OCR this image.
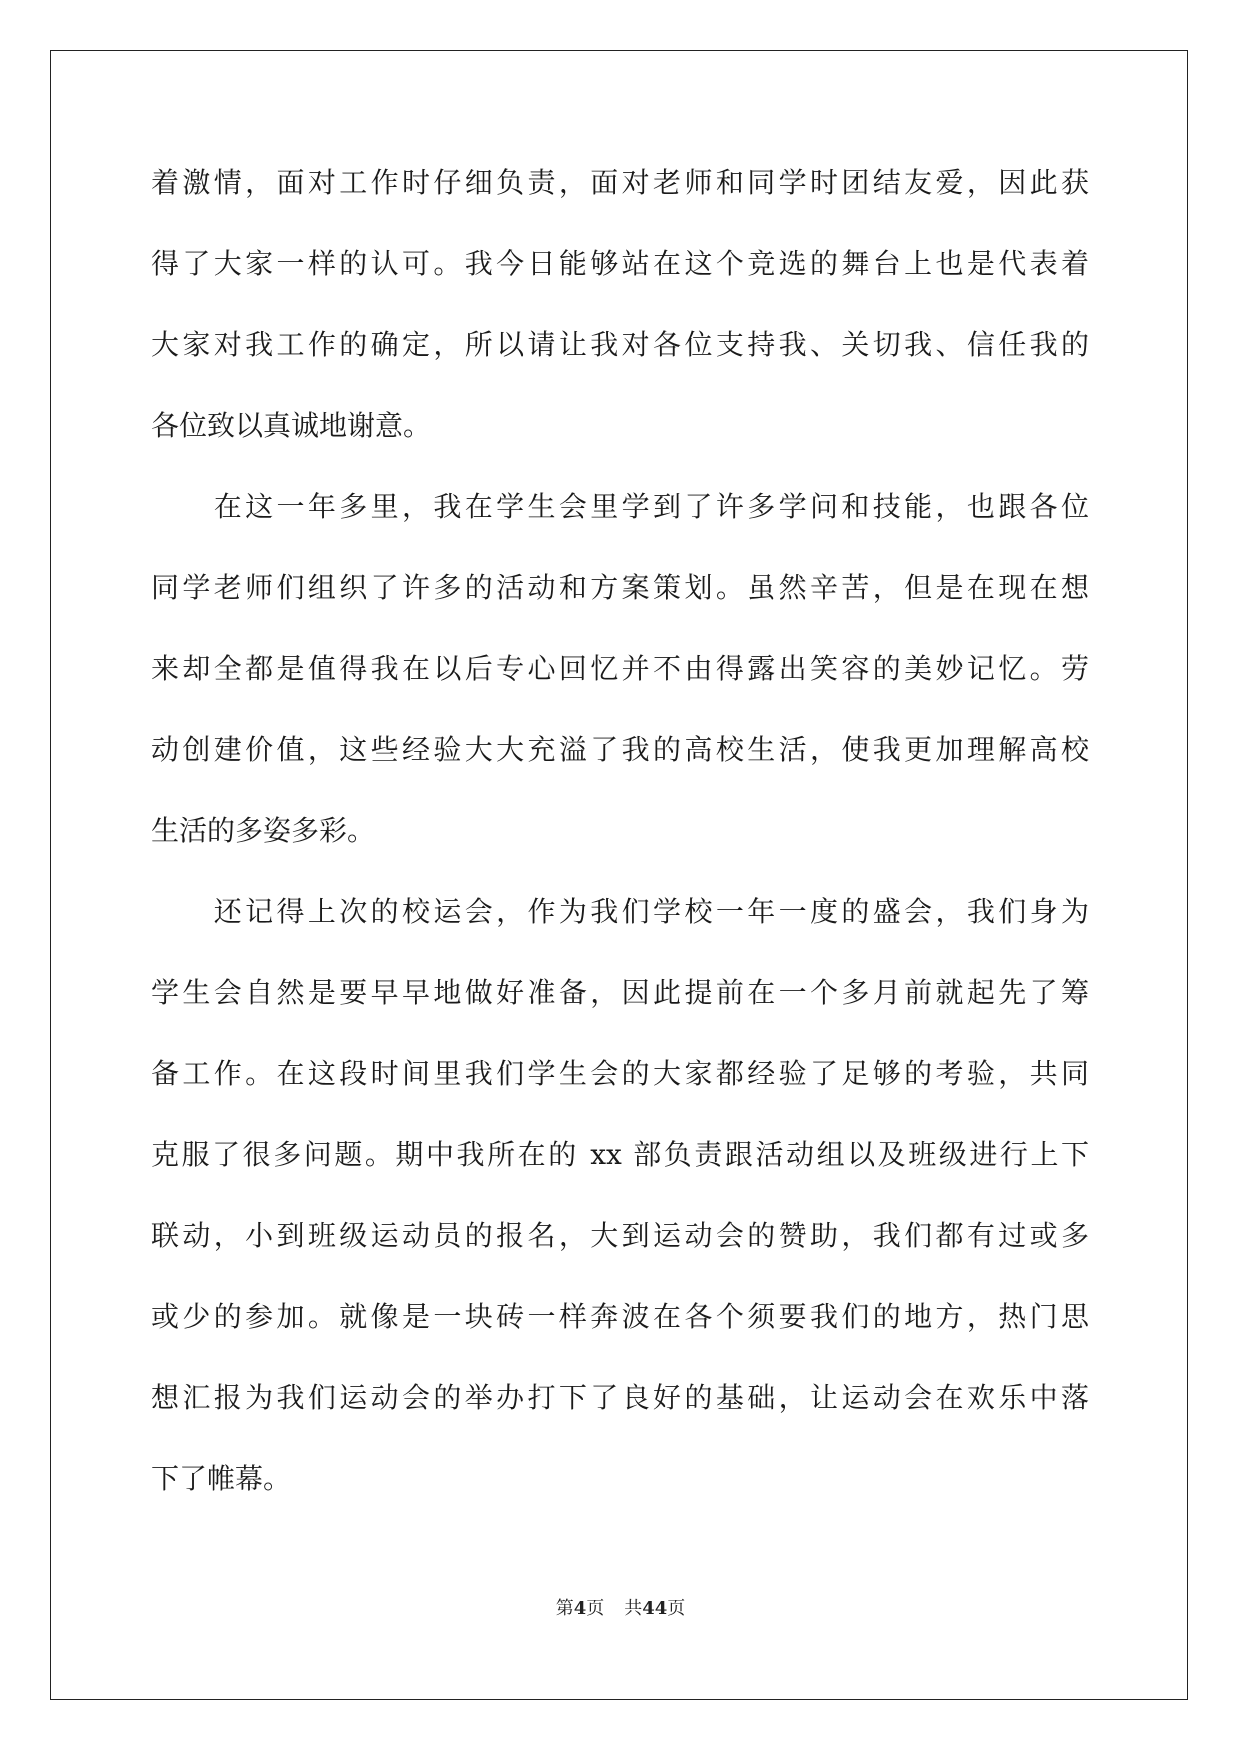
着激情，面对工作时仔细负责，面对老师和同学时团结友爱，因此获
得了大家一样的认可。我今日能够站在这个竞选的舞台上也是代表着
大家对我工作的确定，所以请让我对各位支持我、关切我、信任我的
各位致以真诚地谢意。
　　在这一年多里，我在学生会里学到了许多学问和技能，也跟各位
同学老师们组织了许多的活动和方案策划。虽然辛苦，但是在现在想
来却全都是值得我在以后专心回忆并不由得露出笑容的美妙记忆。劳
动创建价值，这些经验大大充溢了我的高校生活，使我更加理解高校
生活的多姿多彩。
　　还记得上次的校运会，作为我们学校一年一度的盛会，我们身为
学生会自然是要早早地做好准备，因此提前在一个多月前就起先了筹
备工作。在这段时间里我们学生会的大家都经验了足够的考验，共同
克服了很多问题。期中我所在的 xx 部负责跟活动组以及班级进行上下
联动，小到班级运动员的报名，大到运动会的赞助，我们都有过或多
或少的参加。就像是一块砖一样奔波在各个须要我们的地方，热门思
想汇报为我们运动会的举办打下了良好的基础，让运动会在欢乐中落
下了帷幕。
第4页 共44页
